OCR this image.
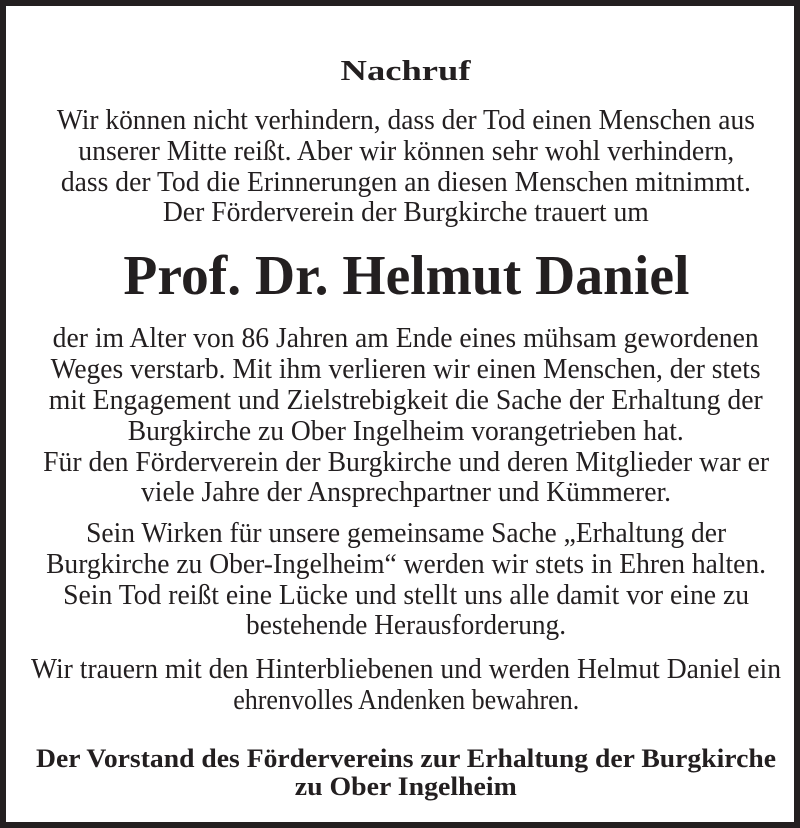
Nachruf
Wir können nicht verhindern, dass der Tod einen Menschen aus
unserer Mitte reißt. Aber wir können sehr wohl verhindern,
dass der Tod die Erinnerungen an diesen Menschen mitnimmt.
Der Förderverein der Burgkirche trauert um
Prof. Dr. Helmut Daniel
der im Alter von 86 Jahren am Ende eines mühsam gewordenen
Weges verstarb. Mit ihm verlieren wir einen Menschen, der stets
mit Engagement und Zielstrebigkeit die Sache der Erhaltung der
Burgkirche zu Ober Ingelheim vorangetrieben hat.
Für den Förderverein der Burgkirche und deren Mitglieder war er
viele Jahre der Ansprechpartner und Kümmerer.
Sein Wirken für unsere gemeinsame Sache „Erhaltung der
Burgkirche zu Ober-Ingelheim“ werden wir stets in Ehren halten.
Sein Tod reißt eine Lücke und stellt uns alle damit vor eine zu
bestehende Herausforderung.
Wir trauern mit den Hinterbliebenen und werden Helmut Daniel ein
ehrenvolles Andenken bewahren.
Der Vorstand des Fördervereins zur Erhaltung der Burgkirche
zu Ober Ingelheim
